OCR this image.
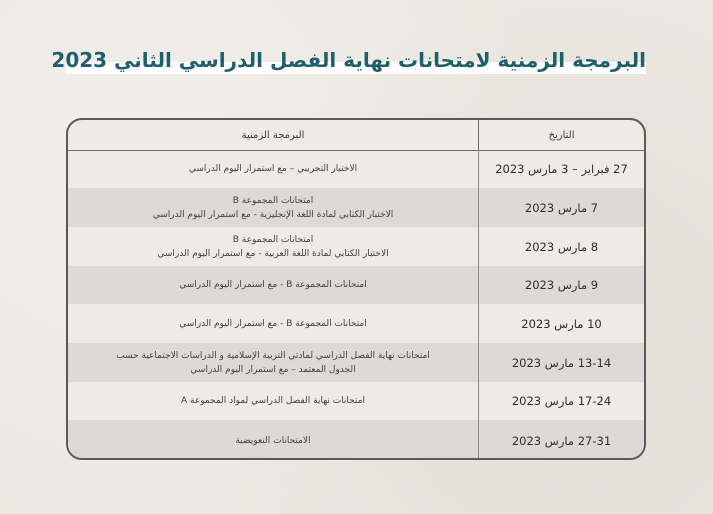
البرمجة الزمنية لامتحانات نهاية الفصل الدراسي الثاني 2023
التاريخ
البرمجة الزمنية
27 فبراير – 3 مارس 2023
الاختبار التجريبي – مع استمرار اليوم الدراسي
7 مارس 2023
امتحانات المجموعة B
الاختبار الكتابي لمادة اللغة الإنجليزية - مع استمرار اليوم الدراسي
8 مارس 2023
امتحانات المجموعة B
الاختبار الكتابي لمادة اللغة العربية - مع استمرار اليوم الدراسي
9 مارس 2023
امتحانات المجموعة B - مع استمرار اليوم الدراسي
10 مارس 2023
امتحانات المجموعة B - مع استمرار اليوم الدراسي
13-14 مارس 2023
امتحانات نهاية الفصل الدراسي لمادتي التربية الإسلامية و الدراسات الاجتماعية حسب
الجدول المعتمد – مع استمرار اليوم الدراسي
17-24 مارس 2023
امتحانات نهاية الفصل الدراسي لمواد المجموعة A
27-31 مارس 2023
الامتحانات التعويضية
